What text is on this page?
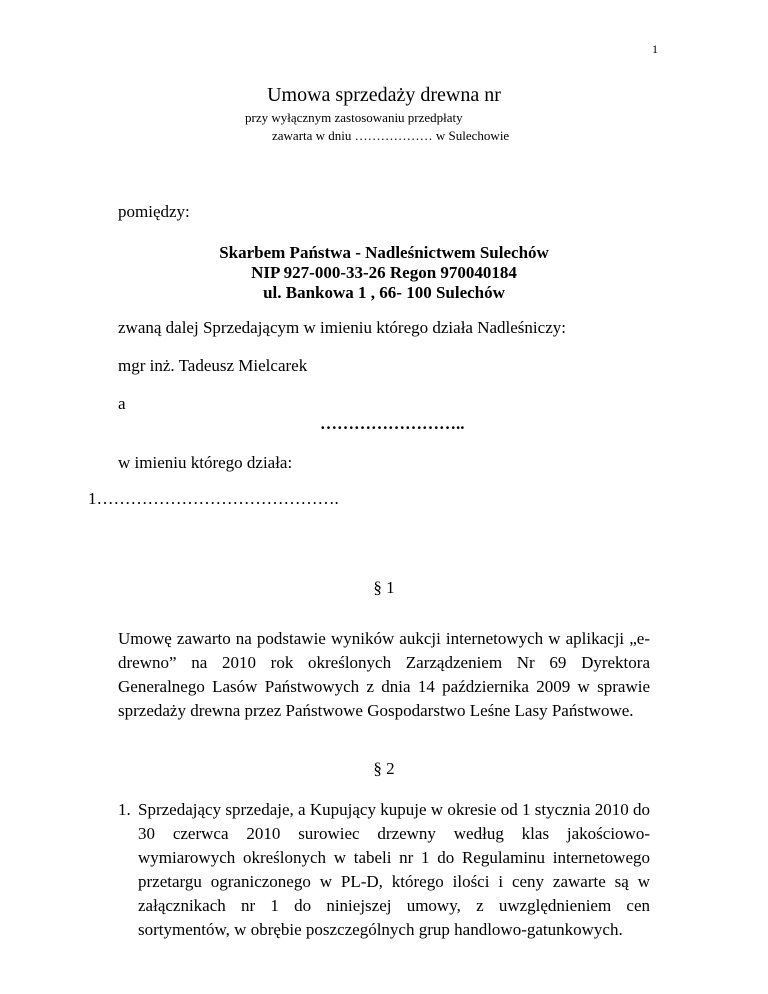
1
Umowa sprzedaży drewna nr
przy wyłącznym zastosowaniu przedpłaty
zawarta w dniu ……………… w Sulechowie
pomiędzy:
Skarbem Państwa - Nadleśnictwem Sulechów
NIP 927-000-33-26 Regon 970040184
ul. Bankowa 1 , 66- 100 Sulechów
zwaną dalej Sprzedającym w imieniu którego działa Nadleśniczy:
mgr inż. Tadeusz Mielcarek
a
……………………..
w imieniu którego działa:
1…………………………………….
§ 1
Umowę zawarto na podstawie wyników aukcji internetowych w aplikacji „e-drewno” na 2010 rok określonych Zarządzeniem Nr 69 Dyrektora Generalnego Lasów Państwowych z dnia 14 października 2009 w sprawie sprzedaży drewna przez Państwowe Gospodarstwo Leśne Lasy Państwowe.
§ 2
1. Sprzedający sprzedaje, a Kupujący kupuje w okresie od 1 stycznia 2010 do 30 czerwca 2010 surowiec drzewny według klas jakościowo-wymiarowych określonych w tabeli nr 1 do Regulaminu internetowego przetargu ograniczonego w PL-D, którego ilości i ceny zawarte są w załącznikach nr 1 do niniejszej umowy, z uwzględnieniem cen sortymentów, w obrębie poszczególnych grup handlowo-gatunkowych.
